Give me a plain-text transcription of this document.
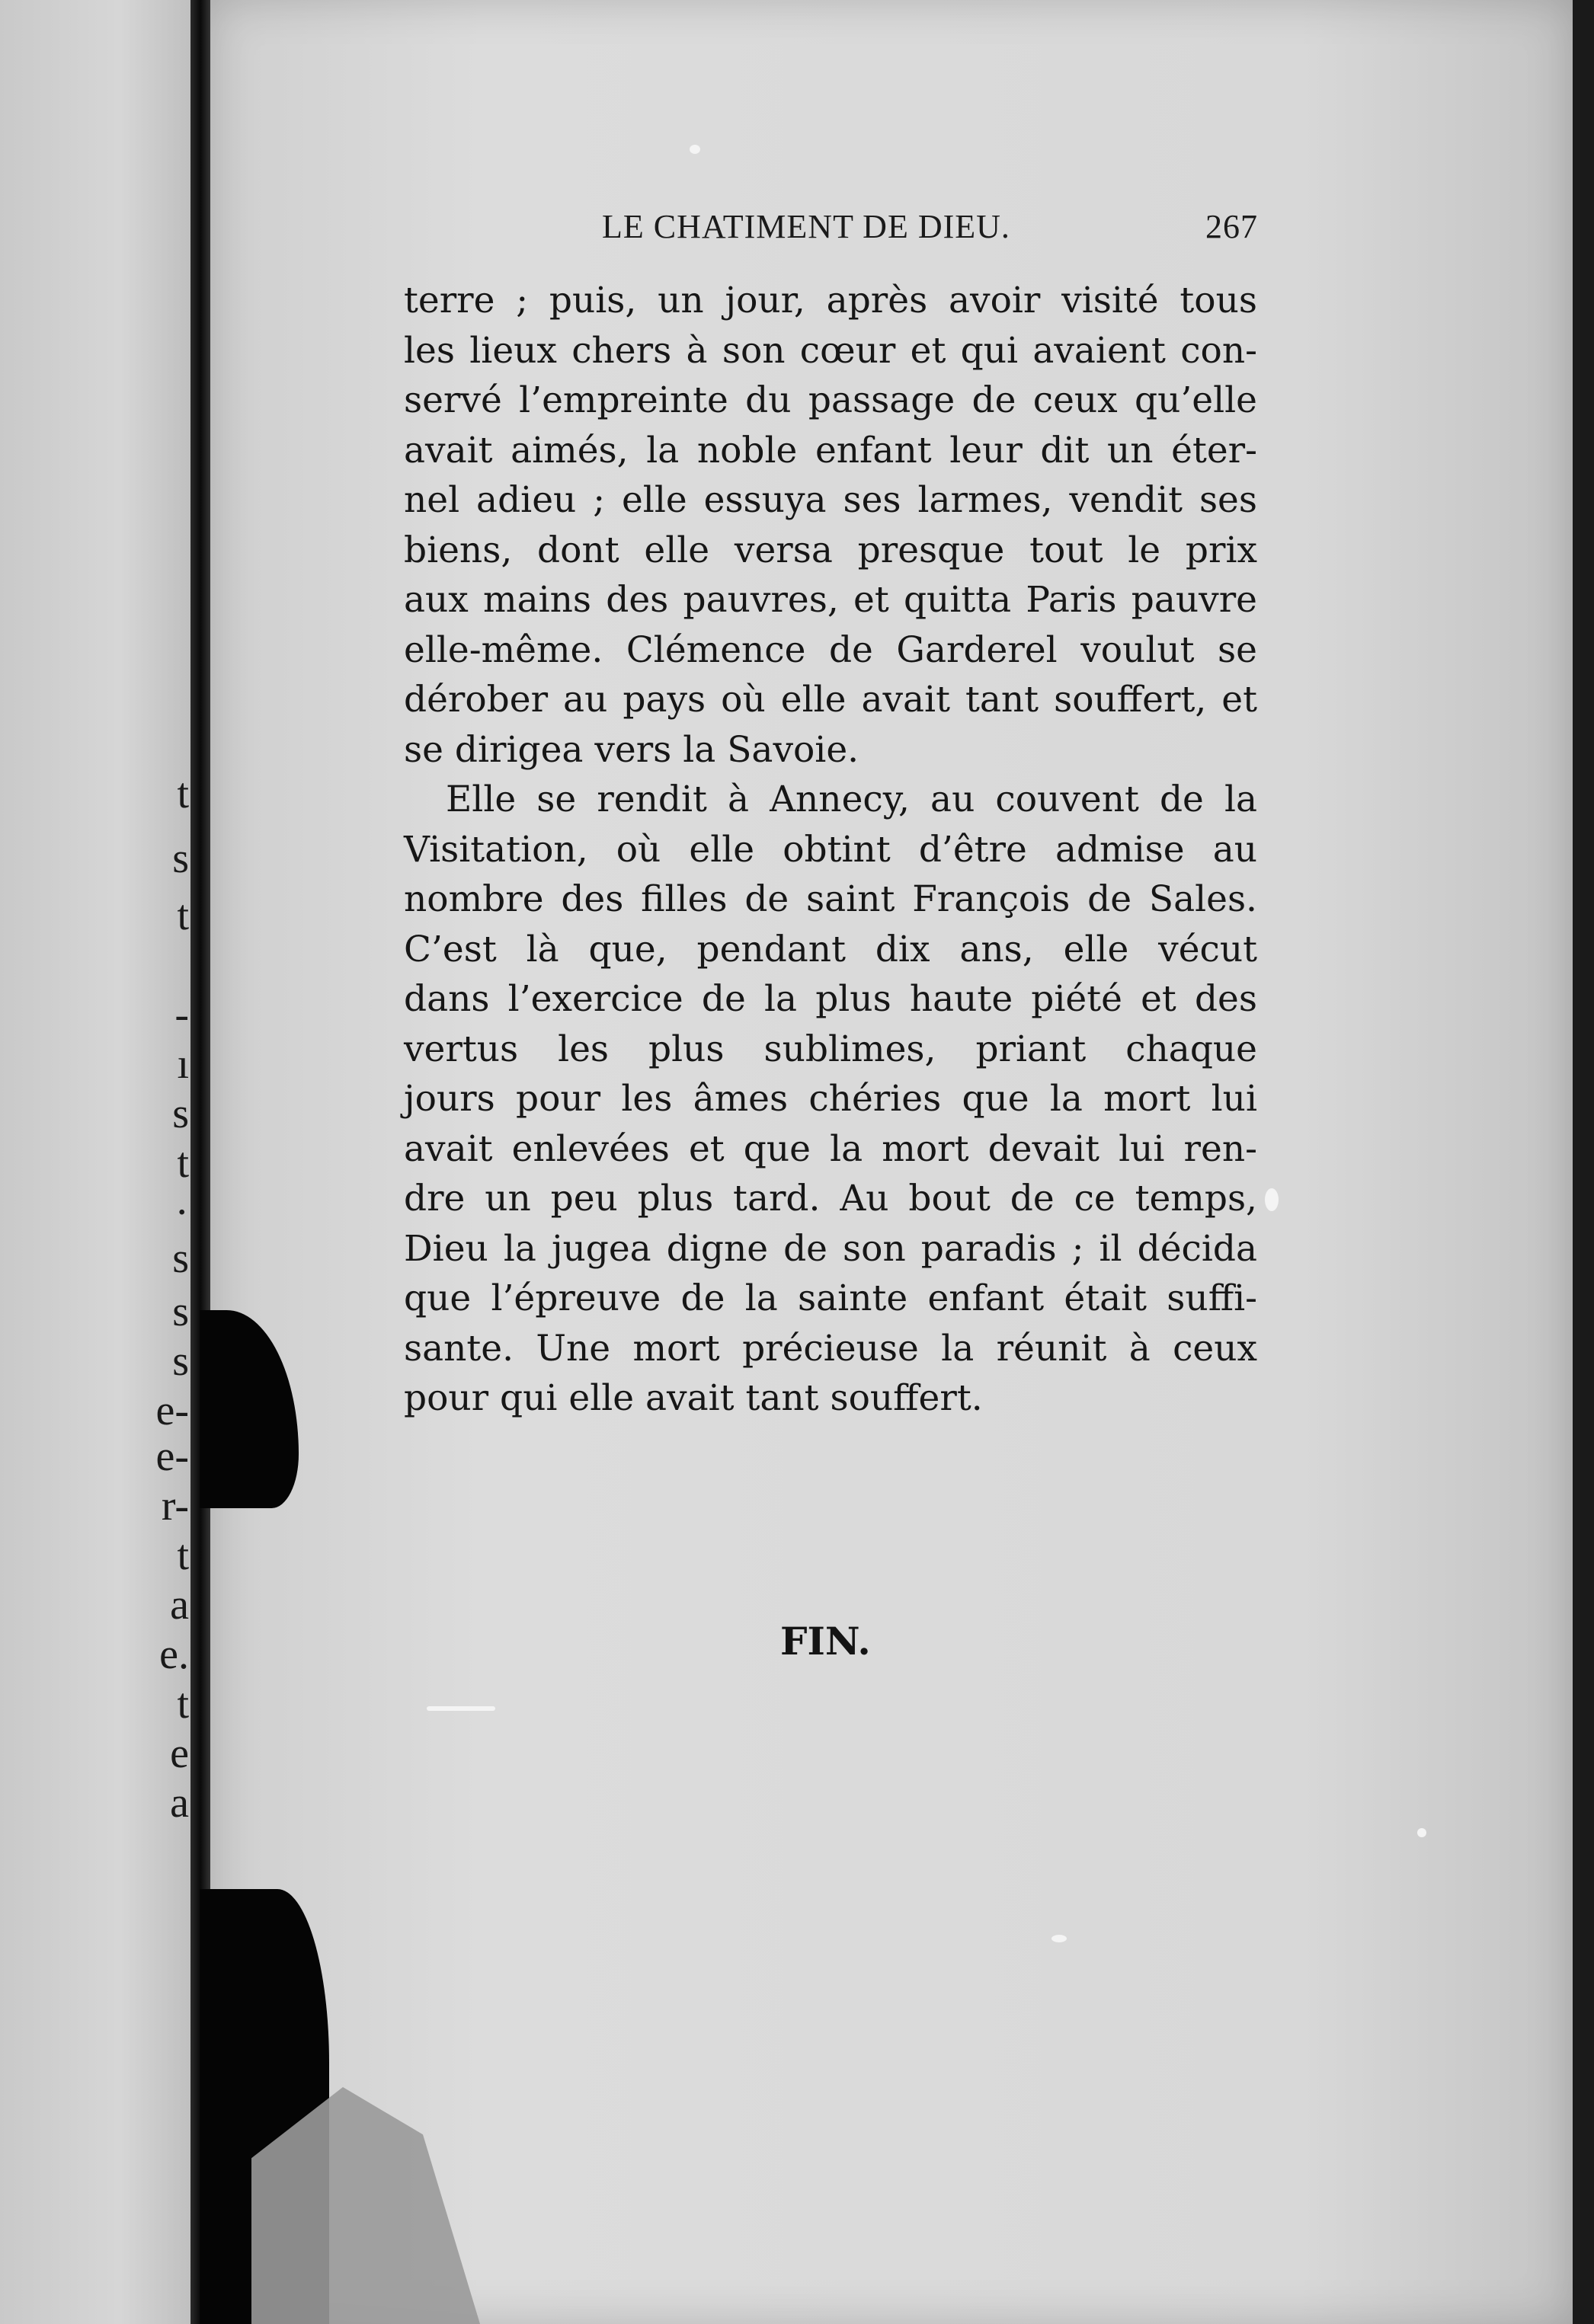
t
s
t
-
ı
s
t
·
s
s
s
e-
e-
r-
t
a
e.
t
e
a
LE CHATIMENT DE DIEU.	267

terre ; puis, un jour, après avoir visité tous
les lieux chers à son cœur et qui avaient con-
servé l’empreinte du passage de ceux qu’elle
avait aimés, la noble enfant leur dit un éter-
nel adieu ; elle essuya ses larmes, vendit ses
biens, dont elle versa presque tout le prix
aux mains des pauvres, et quitta Paris pauvre
elle-même. Clémence de Garderel voulut se
dérober au pays où elle avait tant souffert, et
se dirigea vers la Savoie.

Elle se rendit à Annecy, au couvent de la
Visitation, où elle obtint d’être admise au
nombre des filles de saint François de Sales.
C’est là que, pendant dix ans, elle vécut
dans l’exercice de la plus haute piété et des
vertus les plus sublimes, priant chaque
jours pour les âmes chéries que la mort lui
avait enlevées et que la mort devait lui ren-
dre un peu plus tard. Au bout de ce temps,
Dieu la jugea digne de son paradis ; il décida
que l’épreuve de la sainte enfant était suffi-
sante. Une mort précieuse la réunit à ceux
pour qui elle avait tant souffert.

FIN.
